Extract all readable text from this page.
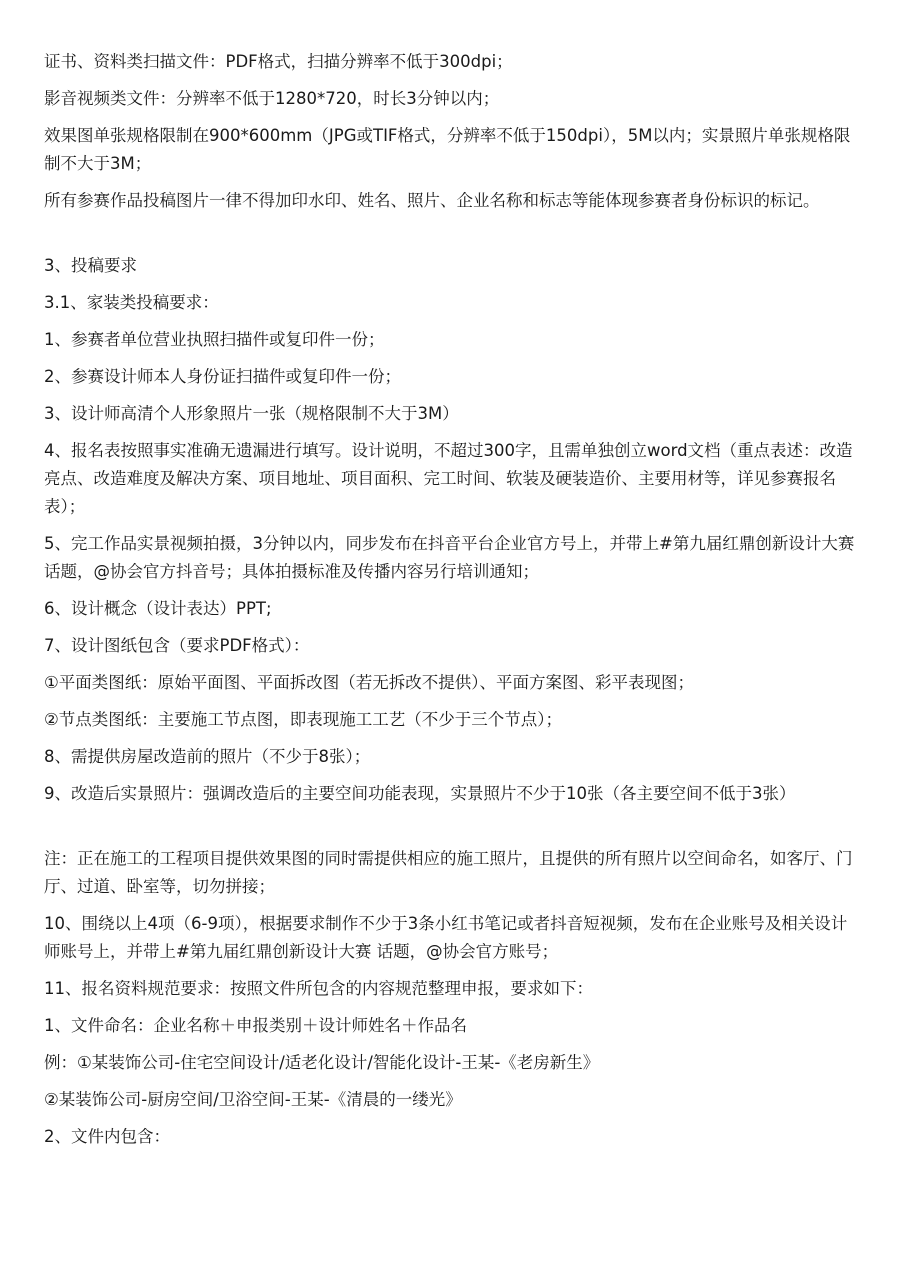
证书、资料类扫描文件：PDF格式，扫描分辨率不低于300dpi；

影音视频类文件：分辨率不低于1280*720，时长3分钟以内；

效果图单张规格限制在900*600mm（JPG或TIF格式，分辨率不低于150dpi），5M以内；实景照片单张规格限制不大于3M；

所有参赛作品投稿图片一律不得加印水印、姓名、照片、企业名称和标志等能体现参赛者身份标识的标记。

3、投稿要求

3.1、家装类投稿要求：

1、参赛者单位营业执照扫描件或复印件一份；

2、参赛设计师本人身份证扫描件或复印件一份；

3、设计师高清个人形象照片一张（规格限制不大于3M）

4、报名表按照事实准确无遗漏进行填写。设计说明，不超过300字，且需单独创立word文档（重点表述：改造亮点、改造难度及解决方案、项目地址、项目面积、完工时间、软装及硬装造价、主要用材等，详见参赛报名表）；

5、完工作品实景视频拍摄，3分钟以内，同步发布在抖音平台企业官方号上，并带上#第九届红鼎创新设计大赛 话题，@协会官方抖音号；具体拍摄标准及传播内容另行培训通知；

6、设计概念（设计表达）PPT;

7、设计图纸包含（要求PDF格式）：

①平面类图纸：原始平面图、平面拆改图（若无拆改不提供）、平面方案图、彩平表现图；

②节点类图纸：主要施工节点图，即表现施工工艺（不少于三个节点）；

8、需提供房屋改造前的照片（不少于8张）；

9、改造后实景照片：强调改造后的主要空间功能表现，实景照片不少于10张（各主要空间不低于3张）

注：正在施工的工程项目提供效果图的同时需提供相应的施工照片，且提供的所有照片以空间命名，如客厅、门厅、过道、卧室等，切勿拼接；

10、围绕以上4项（6-9项），根据要求制作不少于3条小红书笔记或者抖音短视频，发布在企业账号及相关设计师账号上，并带上#第九届红鼎创新设计大赛 话题，@协会官方账号；

11、报名资料规范要求：按照文件所包含的内容规范整理申报，要求如下：

1、文件命名：企业名称＋申报类别＋设计师姓名＋作品名

例：①某装饰公司-住宅空间设计/适老化设计/智能化设计-王某-《老房新生》

②某装饰公司-厨房空间/卫浴空间-王某-《清晨的一缕光》

2、文件内包含：
